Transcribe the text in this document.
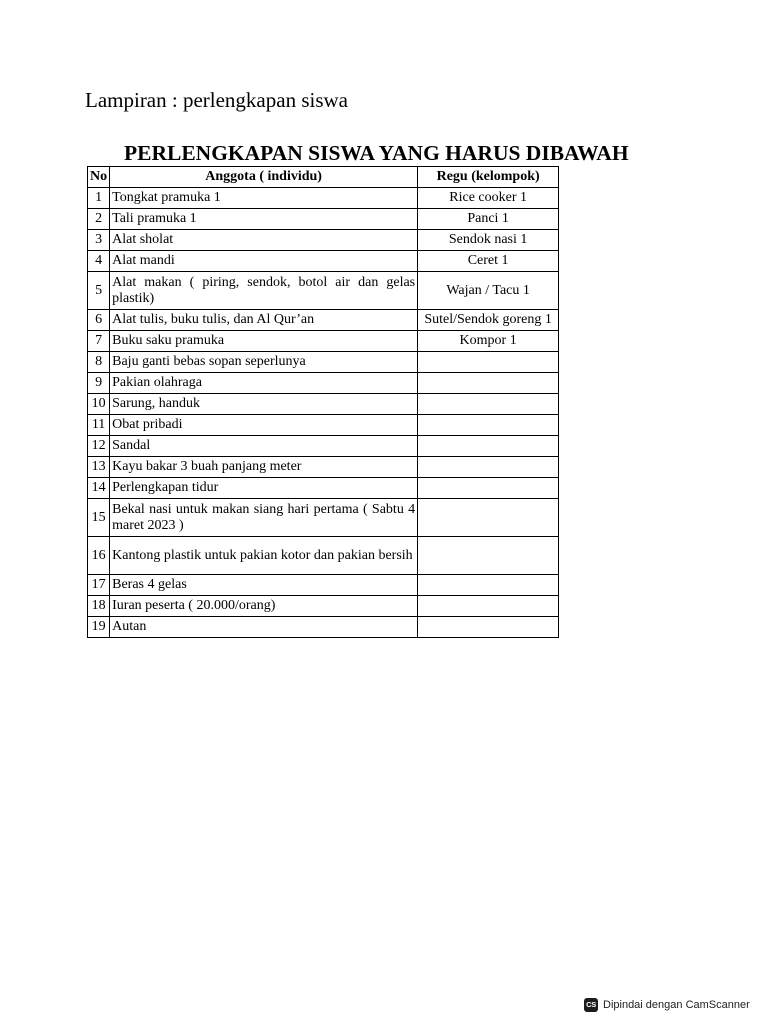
Lampiran : perlengkapan siswa
PERLENGKAPAN SISWA YANG HARUS DIBAWAH
No	Anggota ( individu)	Regu (kelompok)
1	Tongkat pramuka 1	Rice cooker 1
2	Tali pramuka 1	Panci 1
3	Alat sholat	Sendok nasi 1
4	Alat mandi	Ceret 1
5	Alat makan ( piring, sendok, botol air dan gelas plastik)	Wajan / Tacu 1
6	Alat tulis, buku tulis, dan Al Qur’an	Sutel/Sendok goreng 1
7	Buku saku pramuka	Kompor 1
8	Baju ganti bebas sopan seperlunya	
9	Pakian olahraga	
10	Sarung, handuk	
11	Obat pribadi	
12	Sandal	
13	Kayu bakar 3 buah panjang meter	
14	Perlengkapan tidur	
15	Bekal nasi untuk makan siang hari pertama ( Sabtu 4 maret 2023 )	
16	Kantong plastik untuk pakian kotor dan pakian bersih	
17	Beras 4 gelas	
18	Iuran peserta ( 20.000/orang)	
19	Autan	
CS Dipindai dengan CamScanner
